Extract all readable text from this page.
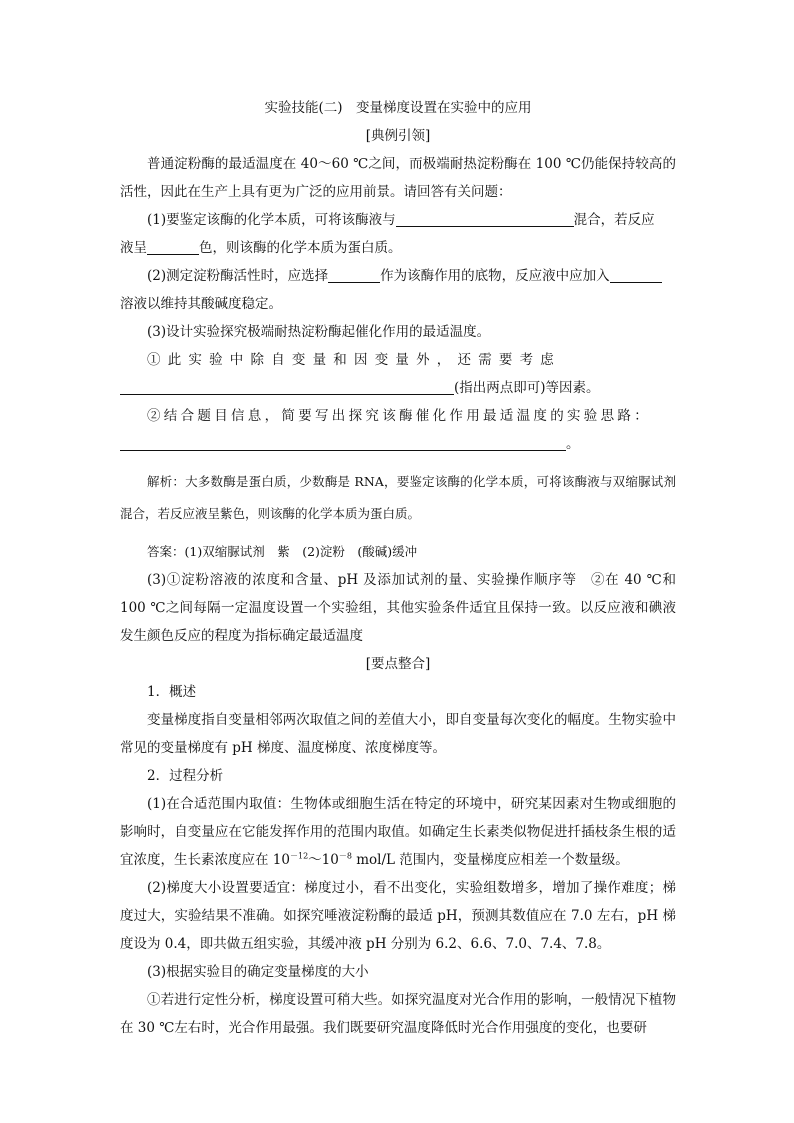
实验技能(二)　变量梯度设置在实验中的应用
[典例引领]
普通淀粉酶的最适温度在 40～60 ℃之间，而极端耐热淀粉酶在 100 ℃仍能保持较高的活性，因此在生产上具有更为广泛的应用前景。请回答有关问题：
(1)要鉴定该酶的化学本质，可将该酶液与	混合，若反应
液呈	色，则该酶的化学本质为蛋白质。
(2)测定淀粉酶活性时，应选择	作为该酶作用的底物，反应液中应加入
溶液以维持其酸碱度稳定。
(3)设计实验探究极端耐热淀粉酶起催化作用的最适温度。
①此实验中除自变量和因变量外，还需要考虑
(指出两点即可)等因素。
②结合题目信息，简要写出探究该酶催化作用最适温度的实验思路：
。
解析：大多数酶是蛋白质，少数酶是 RNA，要鉴定该酶的化学本质，可将该酶液与双缩脲试剂混合，若反应液呈紫色，则该酶的化学本质为蛋白质。
答案：(1)双缩脲试剂　紫　(2)淀粉　(酸碱)缓冲
(3)①淀粉溶液的浓度和含量、pH 及添加试剂的量、实验操作顺序等　②在 40 ℃和 100 ℃之间每隔一定温度设置一个实验组，其他实验条件适宜且保持一致。以反应液和碘液发生颜色反应的程度为指标确定最适温度
[要点整合]
1．概述
变量梯度指自变量相邻两次取值之间的差值大小，即自变量每次变化的幅度。生物实验中常见的变量梯度有 pH 梯度、温度梯度、浓度梯度等。
2．过程分析
(1)在合适范围内取值：生物体或细胞生活在特定的环境中，研究某因素对生物或细胞的影响时，自变量应在它能发挥作用的范围内取值。如确定生长素类似物促进扦插枝条生根的适宜浓度，生长素浓度应在 $10^{-12}\sim 10^{-8}$ mol/L 范围内，变量梯度应相差一个数量级。
(2)梯度大小设置要适宜：梯度过小，看不出变化，实验组数增多，增加了操作难度；梯度过大，实验结果不准确。如探究唾液淀粉酶的最适 pH，预测其数值应在 7.0 左右，pH 梯度设为 0.4，即共做五组实验，其缓冲液 pH 分别为 6.2、6.6、7.0、7.4、7.8。
(3)根据实验目的确定变量梯度的大小
①若进行定性分析，梯度设置可稍大些。如探究温度对光合作用的影响，一般情况下植物在 30 ℃左右时，光合作用最强。我们既要研究温度降低时光合作用强度的变化，也要研
